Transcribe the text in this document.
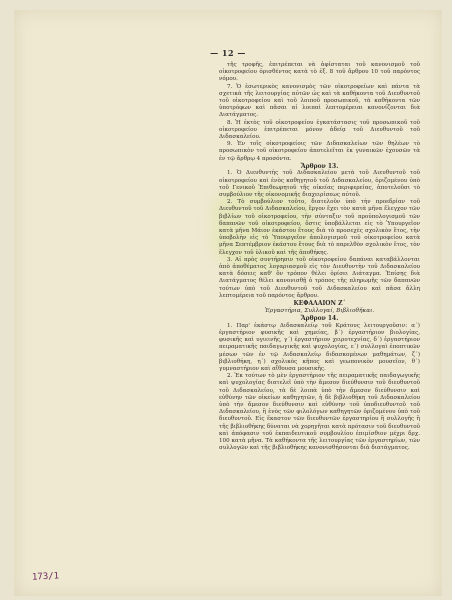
— 12 —

τῆς τροφῆς, ἐπιτρέπεται νὰ ἀφίσταται τοῦ κανονισμοῦ τοῦ οἰκοτροφείου ὁρισθέντος κατὰ τὸ ἐξ. 8 τοῦ ἄρθρου 10 τοῦ παρόντος νόμου.

7. Ὁ ἐσωτερικὸς κανονισμὸς τῶν οἰκοτροφείων καὶ πάντα τὰ σχετικὰ τῆς λειτουργίας αὐτῶν ὡς καὶ τὰ καθήκοντα τοῦ Διευθυντοῦ τοῦ οἰκοτροφείου καὶ τοῦ λοιποῦ προσωπικοῦ, τὰ καθήκοντα τῶν ὑποτρόφων καὶ πᾶσαι αἱ λοιπαὶ λεπτομέρειαι κανονίζονται διὰ Διατάγματος.

8. Ἡ ἐκτὸς τοῦ οἰκοτροφείου ἐγκατάστασις τοῦ προσωπικοῦ τοῦ οἰκοτροφείου ἐπιτρέπεται μόνον ἀδείᾳ τοῦ Διευθυντοῦ τοῦ Διδασκαλείου.

9. Ἐν τοῖς οἰκοτροφείοις τῶν Διδασκαλείων τῶν θηλέων τὸ προσωπικὸν τοῦ οἰκοτροφείου ἀποτελεῖται ἐκ γυναικῶν ἐχουσῶν τὰ ἐν τῷ ἄρθρῳ 4 προσόντα.

Ἄρθρον 13.

1. Ὁ Διευθυντὴς τοῦ Διδασκαλείου μετὰ τοῦ Διευθυντοῦ τοῦ οἰκοτροφείου καὶ ἑνὸς καθηγητοῦ τοῦ Διδασκαλείου, ὁριζομένου ὑπὸ τοῦ Γενικοῦ Ἐπιθεωρητοῦ τῆς οἰκείας περιφερείας, ἀποτελοῦσι τὸ συμβούλιον τῆς οἰκονομικῆς διαχειρίσεως αὐτοῦ.

2. Τὸ συμβούλιον τοῦτο, διατελοῦν ὑπὸ τὴν προεδρίαν τοῦ Διευθυντοῦ τοῦ Διδασκαλείου, ἔργον ἔχει τὸν κατὰ μῆνα ἔλεγχον τῶν βιβλίων τοῦ οἰκοτροφείου, τὴν σύνταξιν τοῦ προϋπολογισμοῦ τῶν δαπανῶν τοῦ οἰκοτροφείου, ὅστις ὑποβάλλεται εἰς τὸ Ὑπουργεῖον κατὰ μῆνα Μάιον ἑκάστου ἔτους διὰ τὸ προσεχὲς σχολικὸν ἔτος, τὴν ὑποβολὴν εἰς τὸ Ὑπουργεῖον ἀπολογισμοῦ τοῦ οἰκοτροφείου κατὰ μῆνα Σεπτέμβριον ἑκάστου ἔτους διὰ τὸ παρελθὸν σχολικὸν ἔτος, τὸν ἔλεγχον τοῦ ὑλικοῦ καὶ τῆς ἀποθήκης.

3. Αἱ πρὸς συντήρησιν τοῦ οἰκοτροφείου δαπάναι καταβάλλονται ἀπὸ ἀποθέματος λογαριασμοῦ εἰς τὸν Διευθυντὴν τοῦ Διδασκαλείου κατὰ δόσεις καθ' ὃν τρόπον θέλει ὁρίσει Διάταγμα. Ἐπίσης διὰ Διατάγματος θέλει κανονισθῇ ὁ τρόπος τῆς πληρωμῆς τῶν δαπανῶν τούτων ὑπὸ τοῦ Διευθυντοῦ τοῦ Διδασκαλείου καὶ πᾶσα ἄλλη λεπτομέρεια τοῦ παρόντος ἄρθρου.

ΚΕΦΑΛΑΙΟΝ Ζ΄

Ἐργαστήρια, Συλλογαί, Βιβλιοθῆκαι.

Ἄρθρον 14.

1. Παρ' ἑκάστῳ Διδασκαλείῳ τοῦ Κράτους λειτουργοῦσιν: α΄) ἐργαστήριον φυσικῆς καὶ χημείας, β΄) ἐργαστήριον βιολογίας, φυσικῆς καὶ υγιεινῆς, γ΄) ἐργαστήριον χειροτεχνίας, δ΄) ἐργαστήριον πειραματικῆς παιδαγωγικῆς καὶ ψυχολογίας, ε΄) συλλογαὶ ἐποπτικῶν μέσων τῶν ἐν τῷ Διδασκαλείῳ διδασκομένων μαθημάτων, ζ΄) βιβλιοθήκη, η΄) σχολικὸς κῆπος καὶ γεωπονικὸν μουσεῖον, θ΄) γυμναστήριον καὶ αἴθουσα μουσικῆς.

2. Ἐκ τούτων τὸ μὲν ἐργαστήριον τῆς πειραματικῆς παιδαγωγικῆς καὶ ψυχολογίας διατελεῖ ὑπὸ τὴν ἄμεσον διεύθυνσιν τοῦ διευθυντοῦ τοῦ Διδασκαλείου, τὰ δὲ λοιπὰ ὑπὸ τὴν ἄμεσον διεύθυνσιν καὶ εὐθύνην τῶν οἰκείων καθηγητῶν, ἡ δὲ βιβλιοθήκη τοῦ Διδασκαλείου ὑπὸ τὴν ἄμεσον διεύθυνσιν καὶ εὐθύνην τοῦ ὑποδιευθυντοῦ τοῦ Διδασκαλείου, ἢ ἐνὸς τῶν φιλολόγων καθηγητῶν ὁριζομένου ὑπὸ τοῦ διευθυντοῦ. Εἰς ἕκαστον τῶν διευθυντῶν ἐργαστηρίου ἢ συλλογῆς ἢ τῆς βιβλιοθήκης δύναται νὰ χορηγῆται κατὰ πρότασιν τοῦ διευθυντοῦ καὶ ἀπόφασιν τοῦ ἐκπαιδευτικοῦ συμβουλίου ἐπιμίσθιον μέχρι δρχ. 100 κατὰ μῆνα. Τὰ καθήκοντα τῆς λειτουργίας τῶν ἐργαστηρίων, τῶν συλλογῶν καὶ τῆς βιβλιοθήκης κανονισθήσονται διὰ διατάγματος.

173/1
